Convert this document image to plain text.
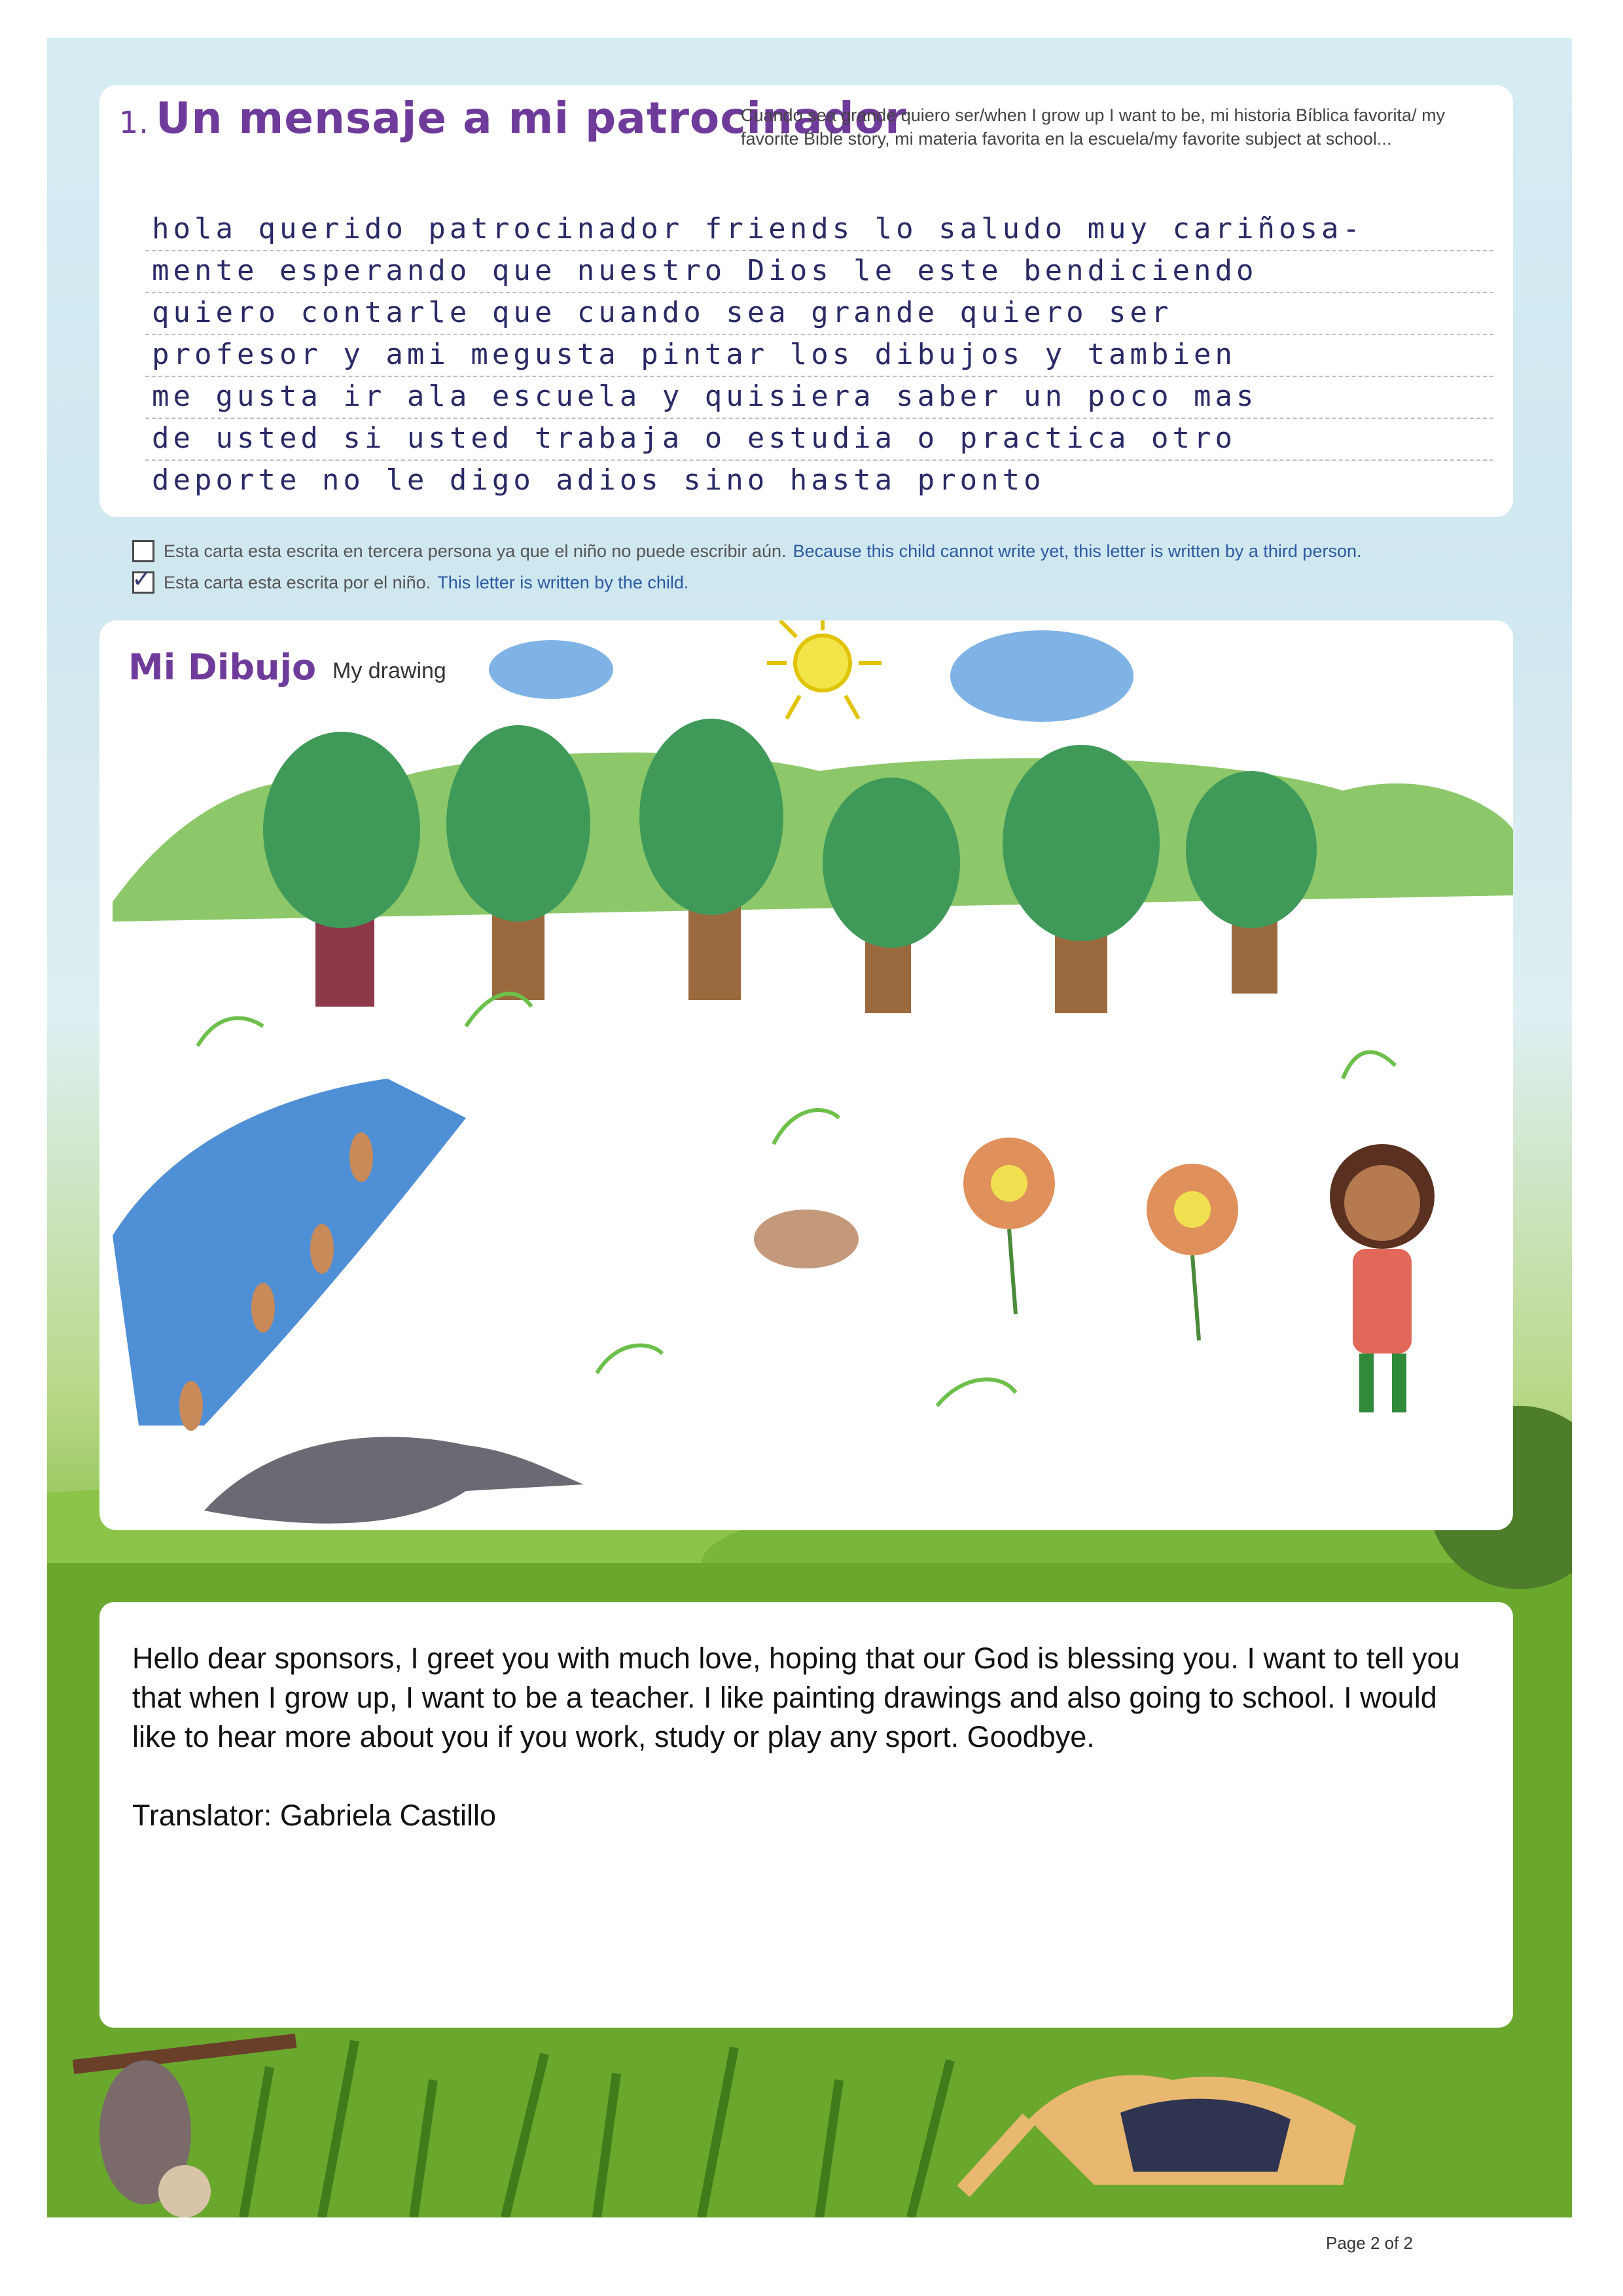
1. Un mensaje a mi patrocinador
Cuando sea grande quiero ser/when I grow up I want to be, mi historia Bíblica favorita/ my favorite Bible story, mi materia favorita en la escuela/my favorite subject at school...
hola querido patrocinador friends lo saludo muy cariñosa-
mente esperando que nuestro Dios le este bendiciendo
quiero contarle que cuando sea grande quiero ser
profesor y ami megusta pintar los dibujos y tambien
me gusta ir ala escuela y quisiera saber un poco mas
de usted si usted trabaja o estudia o practica otro
deporte no le digo adios sino hasta pronto
Esta carta esta escrita en tercera persona ya que el niño no puede escribir aún. Because this child cannot write yet, this letter is written by a third person.
✓ Esta carta esta escrita por el niño. This letter is written by the child.
Mi Dibujo My drawing
Hello dear sponsors, I greet you with much love, hoping that our God is blessing you. I want to tell you that when I grow up, I want to be a teacher. I like painting drawings and also going to school. I would like to hear more about you if you work, study or play any sport. Goodbye.
Translator: Gabriela Castillo
Page 2 of 2
